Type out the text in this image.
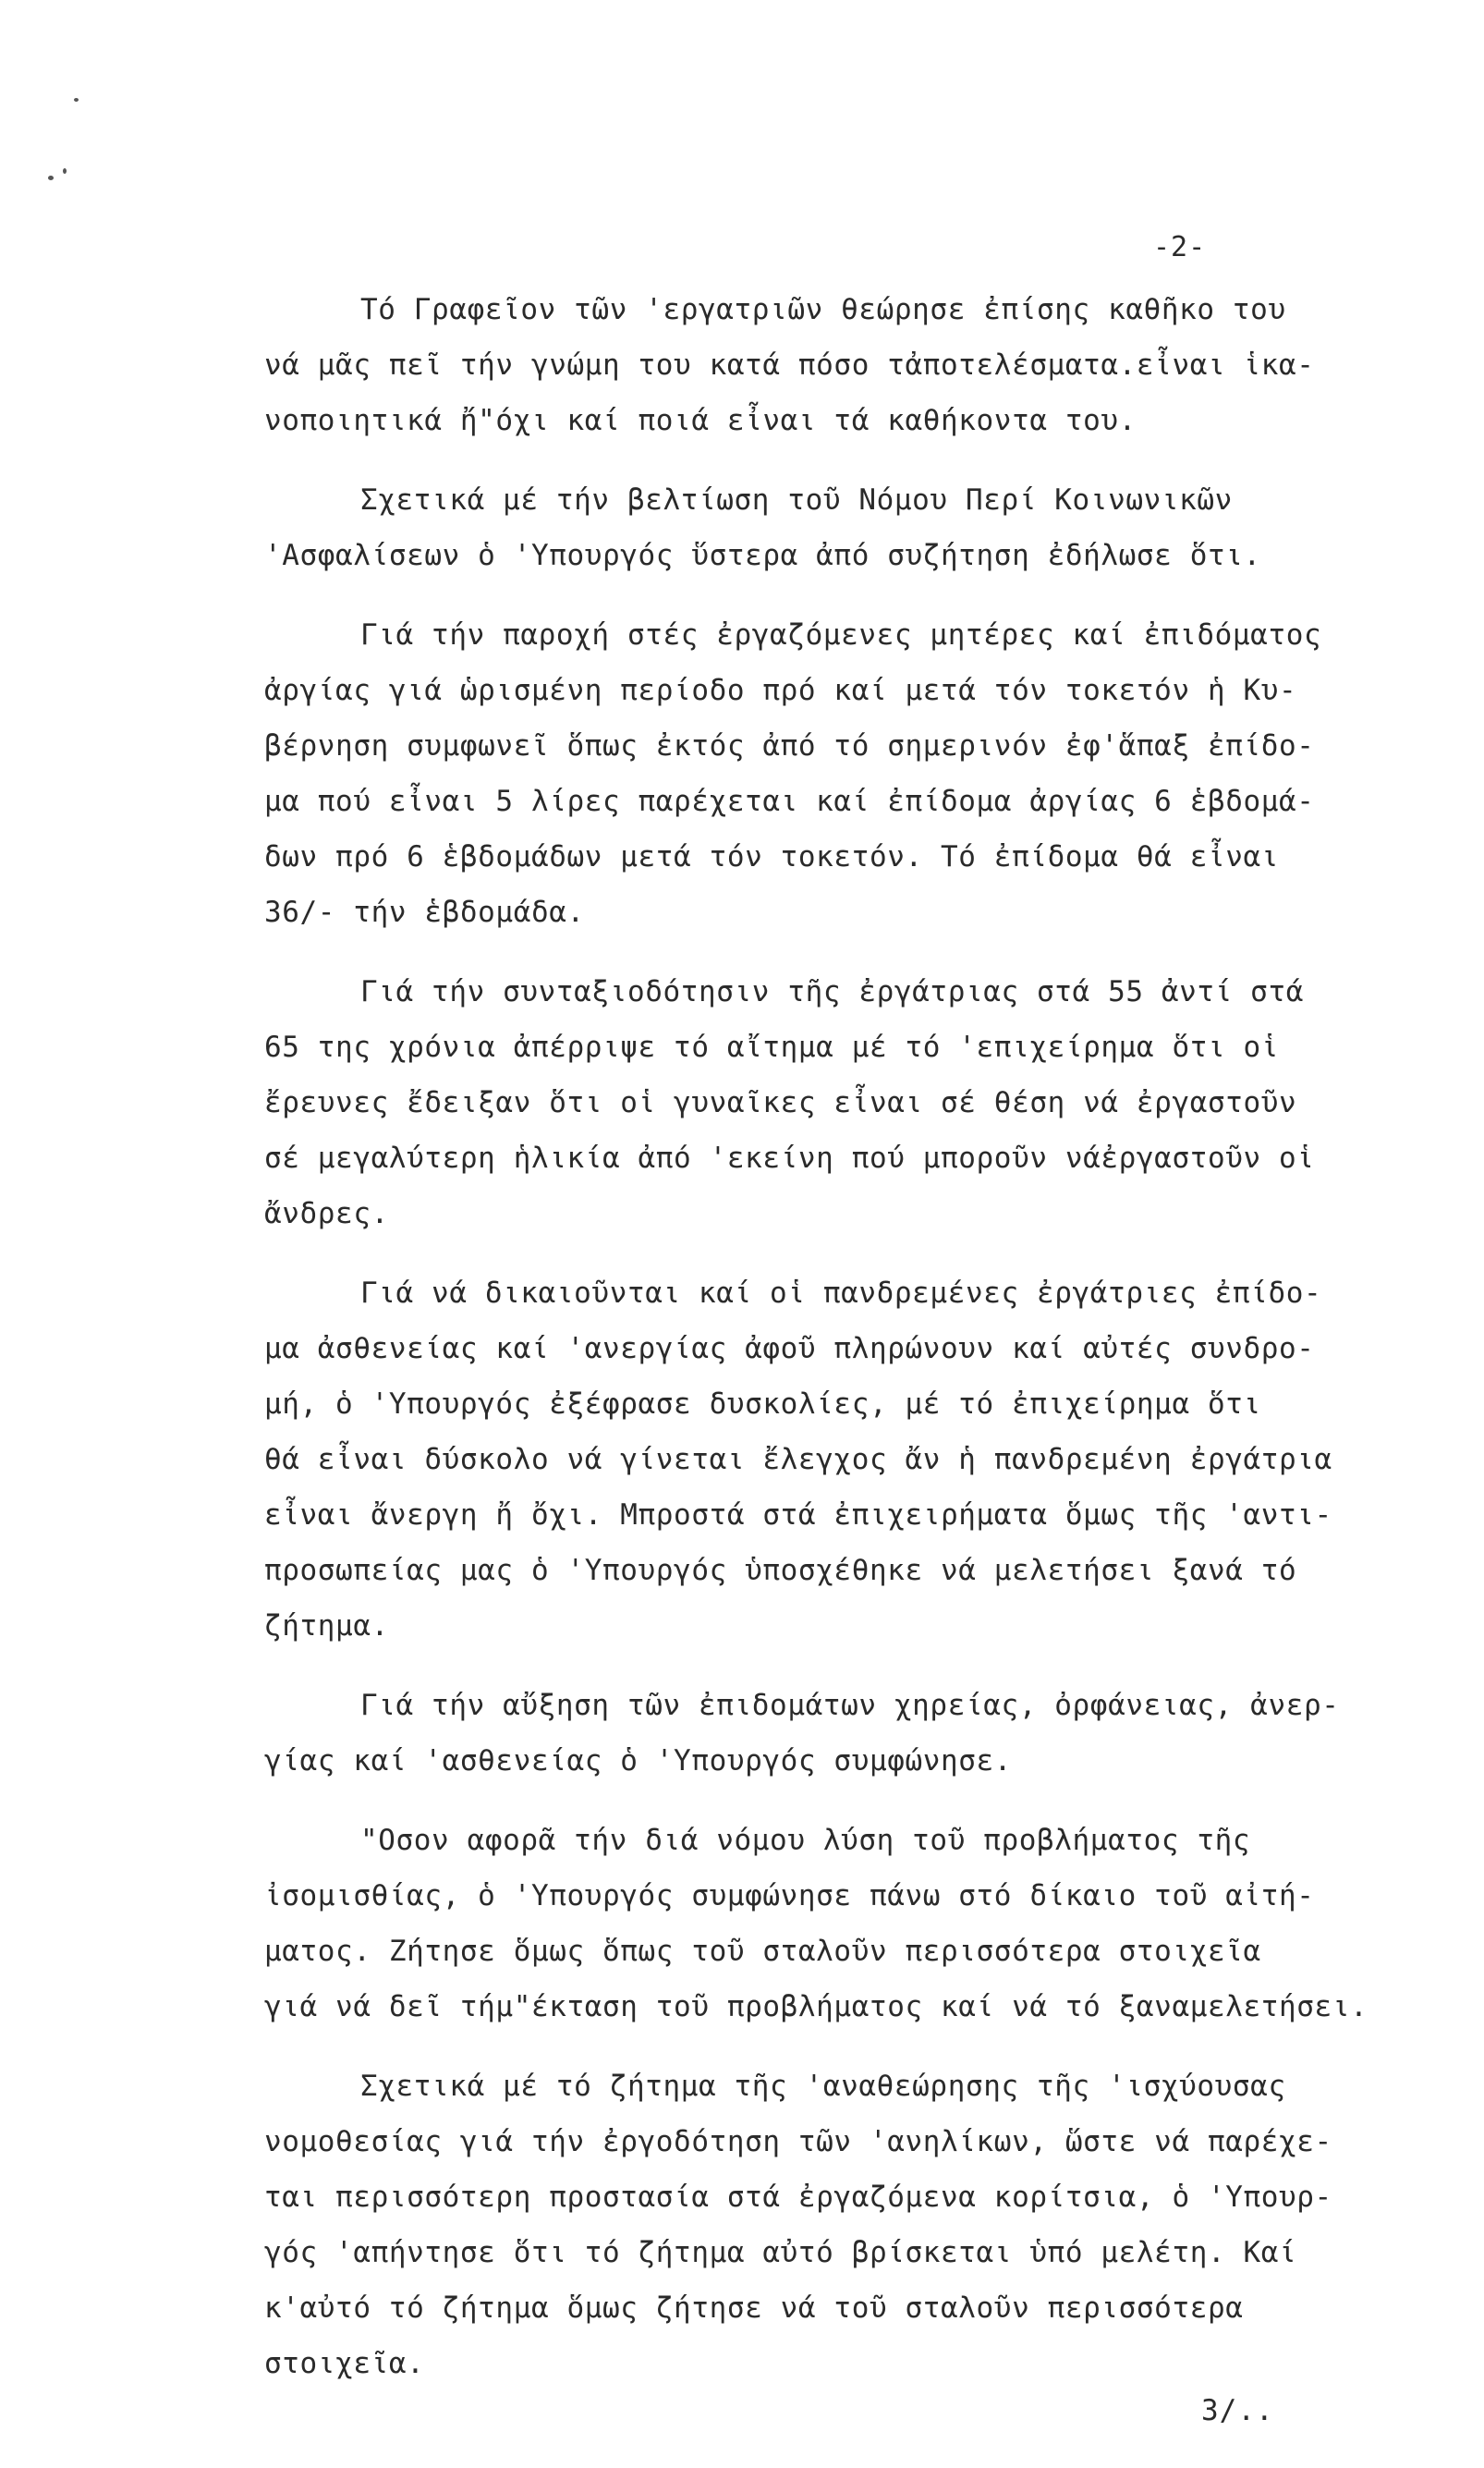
-2-
Τό Γραφεῖον τῶν 'εργατριῶν θεώρησε ἐπίσης καθῆκο του
νά μᾶς πεῖ τήν γνώμη του κατά πόσο τἀποτελέσματα.εἶναι ἱκα-
νοποιητικά ἤ"όχι καί ποιά εἶναι τά καθήκοντα του.
Σχετικά μέ τήν βελτίωση τοῦ Νόμου Περί Κοινωνικῶν
'Ασφαλίσεων ὁ 'Υπουργός ὕστερα ἀπό συζήτηση ἐδήλωσε ὅτι.
Γιά τήν παροχή στές ἐργαζόμενες μητέρες καί ἐπιδόματος
ἀργίας γιά ὡρισμένη περίοδο πρό καί μετά τόν τοκετόν ἡ Κυ-
βέρνηση συμφωνεῖ ὅπως ἐκτός ἀπό τό σημερινόν ἐφ'ἅπαξ ἐπίδο-
μα πού εἶναι 5 λίρες παρέχεται καί ἐπίδομα ἀργίας 6 ἑβδομά-
δων πρό 6 ἑβδομάδων μετά τόν τοκετόν. Τό ἐπίδομα θά εἶναι
36/- τήν ἑβδομάδα.
Γιά τήν συνταξιοδότησιν τῆς ἐργάτριας στά 55 ἀντί στά
65 της χρόνια ἀπέρριψε τό αἴτημα μέ τό 'επιχείρημα ὅτι οἱ
ἔρευνες ἔδειξαν ὅτι οἱ γυναῖκες εἶναι σέ θέση νά ἐργαστοῦν
σέ μεγαλύτερη ἡλικία ἀπό 'εκείνη πού μποροῦν νάἐργαστοῦν οἱ
ἄνδρες.
Γιά νά δικαιοῦνται καί οἱ πανδρεμένες ἐργάτριες ἐπίδο-
μα ἀσθενείας καί 'ανεργίας ἀφοῦ πληρώνουν καί αὐτές συνδρο-
μή, ὁ 'Υπουργός ἐξέφρασε δυσκολίες, μέ τό ἐπιχείρημα ὅτι
θά εἶναι δύσκολο νά γίνεται ἔλεγχος ἄν ἡ πανδρεμένη ἐργάτρια
εἶναι ἄνεργη ἤ ὄχι. Μπροστά στά ἐπιχειρήματα ὅμως τῆς 'αντι-
προσωπείας μας ὁ 'Υπουργός ὑποσχέθηκε νά μελετήσει ξανά τό
ζήτημα.
Γιά τήν αὔξηση τῶν ἐπιδομάτων χηρείας, ὀρφάνειας, ἀνερ-
γίας καί 'ασθενείας ὁ 'Υπουργός συμφώνησε.
"Οσον αφορᾶ τήν διά νόμου λύση τοῦ προβλήματος τῆς
ἰσομισθίας, ὁ 'Υπουργός συμφώνησε πάνω στό δίκαιο τοῦ αἰτή-
ματος. Ζήτησε ὅμως ὅπως τοῦ σταλοῦν περισσότερα στοιχεῖα
γιά νά δεῖ τήμ"έκταση τοῦ προβλήματος καί νά τό ξαναμελετήσει.
Σχετικά μέ τό ζήτημα τῆς 'αναθεώρησης τῆς 'ισχύουσας
νομοθεσίας γιά τήν ἐργοδότηση τῶν 'ανηλίκων, ὥστε νά παρέχε-
ται περισσότερη προστασία στά ἐργαζόμενα κορίτσια, ὁ 'Υπουρ-
γός 'απήντησε ὅτι τό ζήτημα αὐτό βρίσκεται ὑπό μελέτη. Καί
κ'αὐτό τό ζήτημα ὅμως ζήτησε νά τοῦ σταλοῦν περισσότερα
στοιχεῖα.
3/..
